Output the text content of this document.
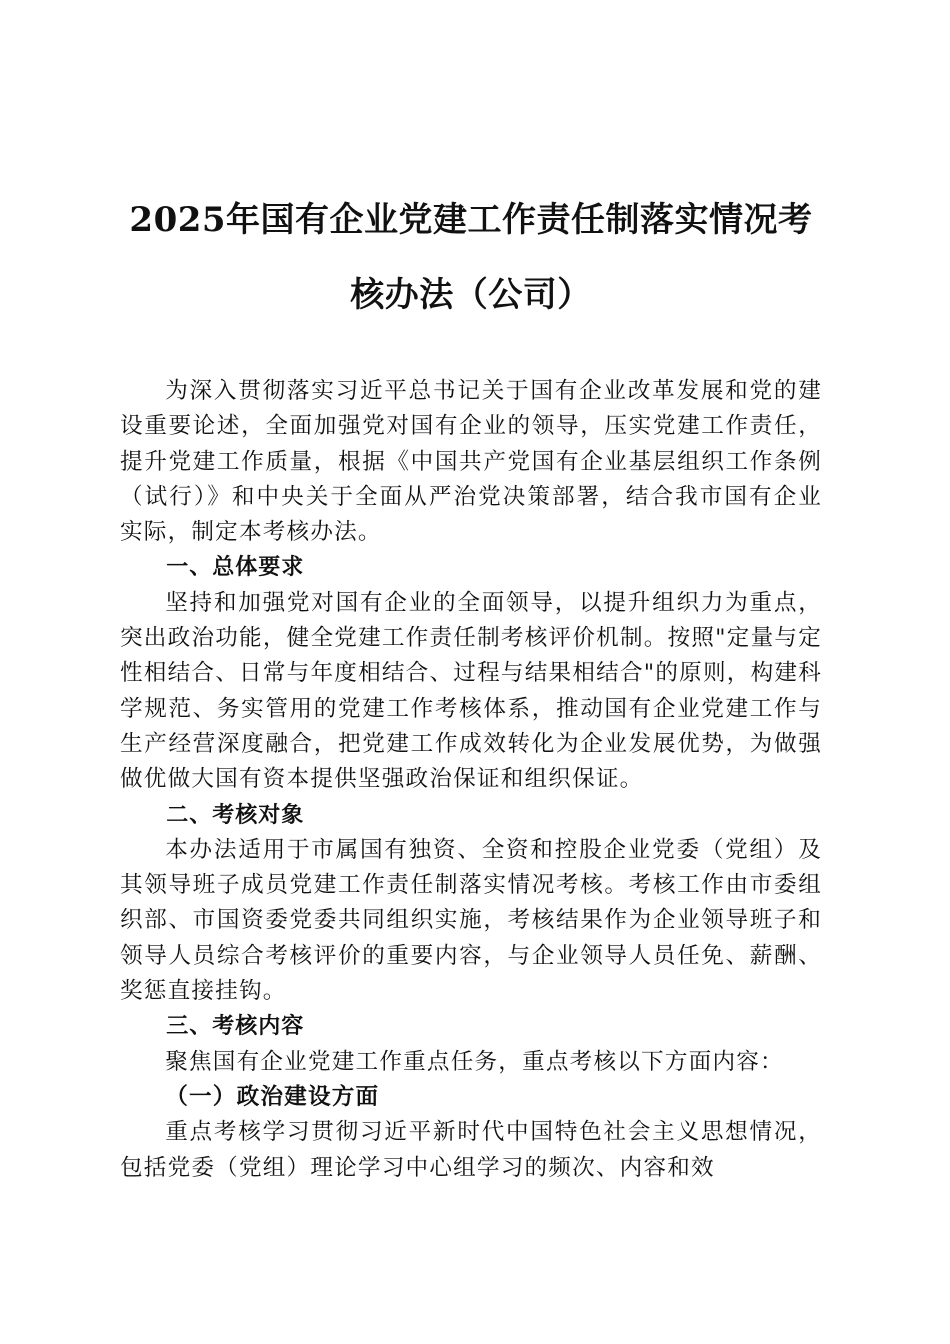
2025年国有企业党建工作责任制落实情况考
核办法（公司）

为深入贯彻落实习近平总书记关于国有企业改革发展和党的建设重要论述，全面加强党对国有企业的领导，压实党建工作责任，提升党建工作质量，根据《中国共产党国有企业基层组织工作条例（试行）》和中央关于全面从严治党决策部署，结合我市国有企业实际，制定本考核办法。

一、总体要求

坚持和加强党对国有企业的全面领导，以提升组织力为重点，突出政治功能，健全党建工作责任制考核评价机制。按照"定量与定性相结合、日常与年度相结合、过程与结果相结合"的原则，构建科学规范、务实管用的党建工作考核体系，推动国有企业党建工作与生产经营深度融合，把党建工作成效转化为企业发展优势，为做强做优做大国有资本提供坚强政治保证和组织保证。

二、考核对象

本办法适用于市属国有独资、全资和控股企业党委（党组）及其领导班子成员党建工作责任制落实情况考核。考核工作由市委组织部、市国资委党委共同组织实施，考核结果作为企业领导班子和领导人员综合考核评价的重要内容，与企业领导人员任免、薪酬、奖惩直接挂钩。

三、考核内容

聚焦国有企业党建工作重点任务，重点考核以下方面内容：

（一）政治建设方面

重点考核学习贯彻习近平新时代中国特色社会主义思想情况，包括党委（党组）理论学习中心组学习的频次、内容和效
